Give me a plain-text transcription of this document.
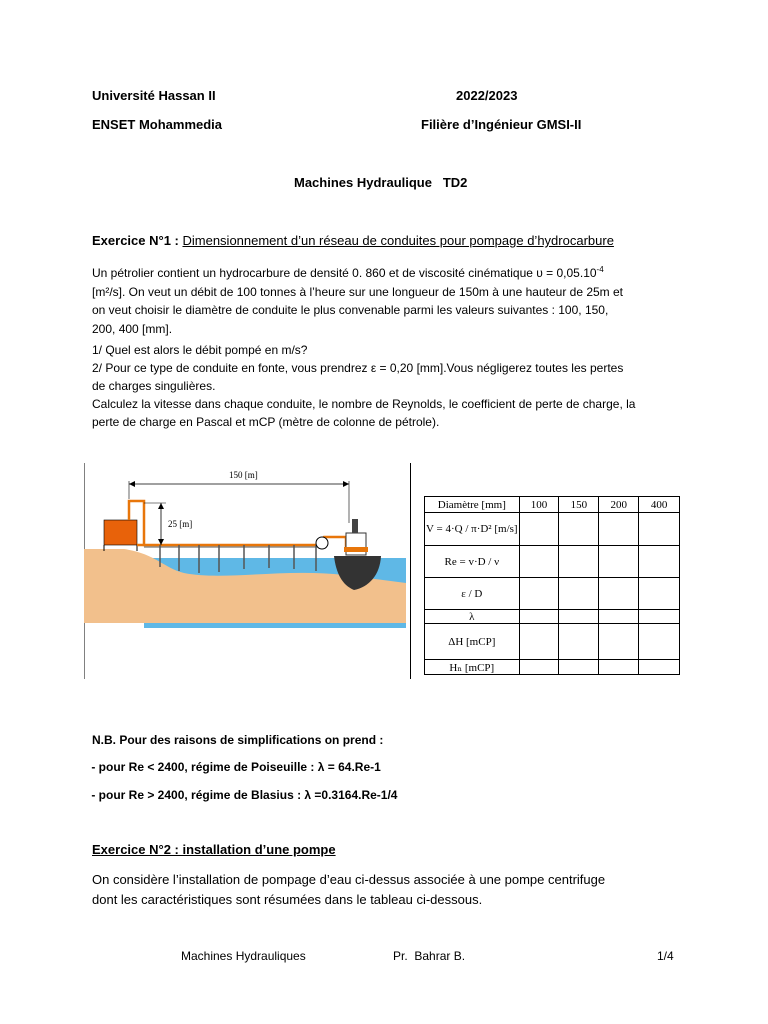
Université Hassan II	2022/2023
ENSET Mohammedia	Filière d’Ingénieur GMSI-II
Machines Hydraulique   TD2
Exercice N°1 : Dimensionnement d’un réseau de conduites pour pompage d’hydrocarbure
Un pétrolier contient un hydrocarbure de densité 0. 860 et de viscosité cinématique $\upsilon = 0,05.10^{-4}$
[m²/s]. On veut un débit de 100 tonnes à l’heure sur une longueur de 150m à une hauteur de 25m et
on veut choisir le diamètre de conduite le plus convenable parmi les valeurs suivantes : 100, 150,
200, 400 [mm].
1/ Quel est alors le débit pompé en m/s?
2/ Pour ce type de conduite en fonte, vous prendrez ε = 0,20 [mm].Vous négligerez toutes les pertes
de charges singulières.
Calculez la vitesse dans chaque conduite, le nombre de Reynolds, le coefficient de perte de charge, la
perte de charge en Pascal et mCP (mètre de colonne de pétrole).
150 [m]
25 [m]
Diamètre [mm]	100	150	200	400
V = 4·Q / π·D² [m/s]				
Re = v·D / ν				
ε / D				
λ				
ΔH [mCP]				
Hₙ [mCP]				
N.B. Pour des raisons de simplifications on prend :
- pour Re < 2400, régime de Poiseuille : λ = 64.Re-1
- pour Re > 2400, régime de Blasius : λ =0.3164.Re-1/4
Exercice N°2 : installation d’une pompe
On considère l’installation de pompage d’eau ci-dessus associée à une pompe centrifuge
dont les caractéristiques sont résumées dans le tableau ci-dessous.
Machines Hydrauliques	Pr.  Bahrar B.	1/4
